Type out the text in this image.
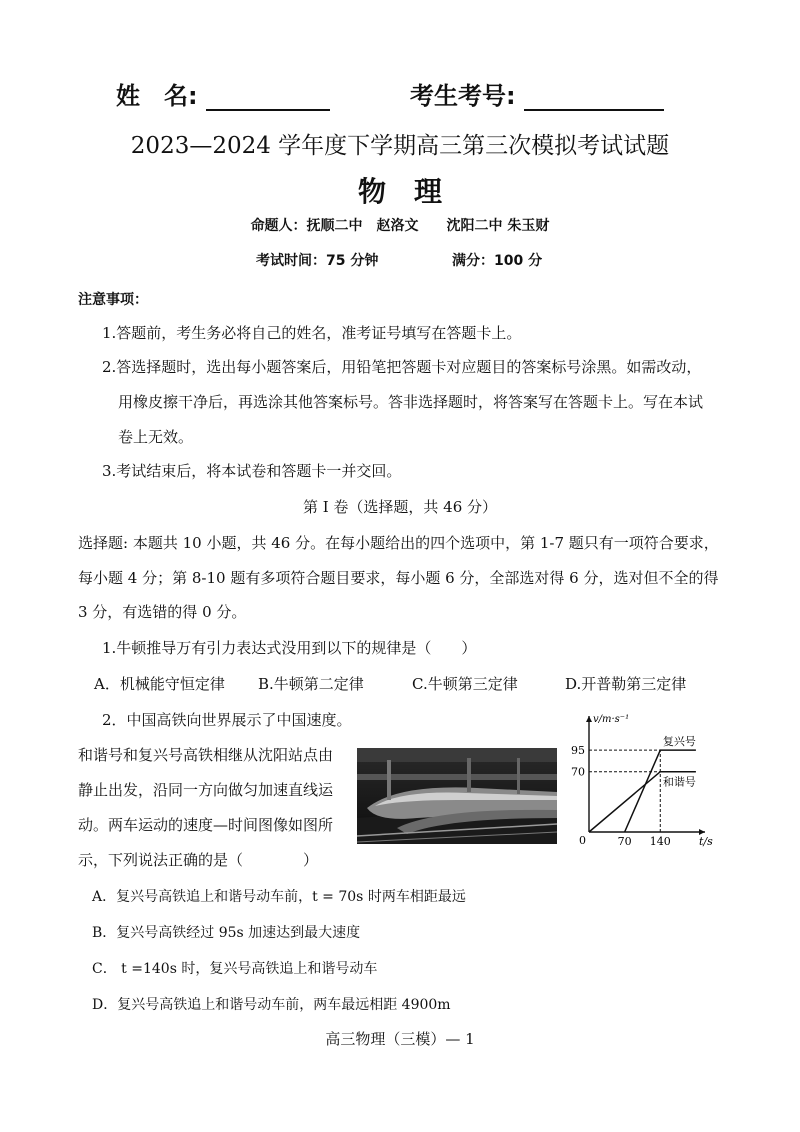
姓　名:	考生考号:
2023—2024 学年度下学期高三第三次模拟考试试题
物　理
命题人：抚顺二中　赵洛文　　沈阳二中 朱玉财
考试时间：75 分钟	满分：100 分
注意事项：
1.答题前，考生务必将自己的姓名，准考证号填写在答题卡上。
2.答选择题时，选出每小题答案后，用铅笔把答题卡对应题目的答案标号涂黑。如需改动，
用橡皮擦干净后，再选涂其他答案标号。答非选择题时，将答案写在答题卡上。写在本试
卷上无效。
3.考试结束后，将本试卷和答题卡一并交回。
第 Ⅰ 卷（选择题，共 46 分）
选择题: 本题共 10 小题，共 46 分。在每小题给出的四个选项中，第 1-7 题只有一项符合要求，
每小题 4 分；第 8-10 题有多项符合题目要求，每小题 6 分，全部选对得 6 分，选对但不全的得
3 分，有选错的得 0 分。
1.牛顿推导万有引力表达式没用到以下的规律是（　　）
A．机械能守恒定律 B.牛顿第二定律	C.牛顿第三定律	D.开普勒第三定律
2．中国高铁向世界展示了中国速度。
和谐号和复兴号高铁相继从沈阳站点由
静止出发，沿同一方向做匀加速直线运
动。两车运动的速度—时间图像如图所
示，下列说法正确的是（　　　　）
v/m·s⁻¹
t/s
0
95
70
70 140
复兴号
和谐号
A．复兴号高铁追上和谐号动车前，t = 70s 时两车相距最远
B．复兴号高铁经过 95s 加速达到最大速度
C． t =140s 时，复兴号高铁追上和谐号动车
D．复兴号高铁追上和谐号动车前，两车最远相距 4900m
高三物理（三模）— 1
